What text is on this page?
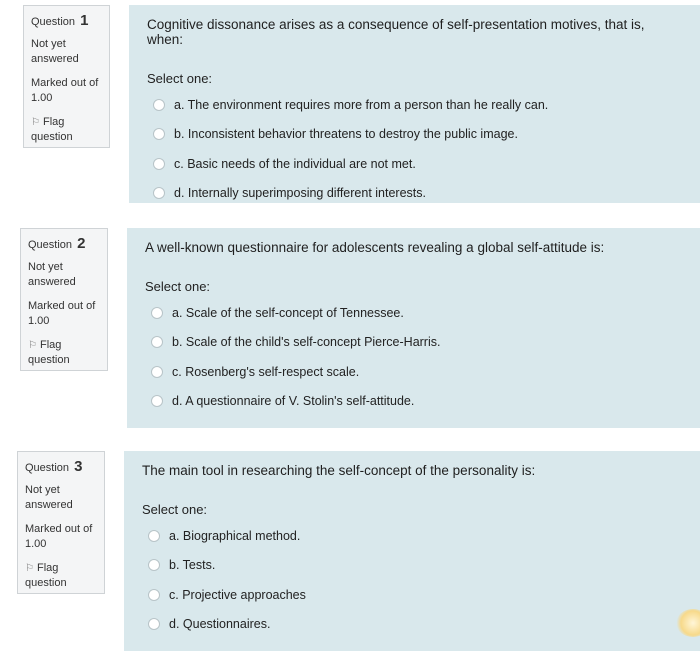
Question 1
Not yet answered
Marked out of 1.00
⚐ Flag question
Cognitive dissonance arises as a consequence of self-presentation motives, that is, when:
Select one:
a. The environment requires more from a person than he really can.
b. Inconsistent behavior threatens to destroy the public image.
c. Basic needs of the individual are not met.
d. Internally superimposing different interests.
Question 2
Not yet answered
Marked out of 1.00
⚐ Flag question
A well-known questionnaire for adolescents revealing a global self-attitude is:
Select one:
a. Scale of the self-concept of Tennessee.
b. Scale of the child's self-concept Pierce-Harris.
c. Rosenberg's self-respect scale.
d. A questionnaire of V. Stolin's self-attitude.
Question 3
Not yet answered
Marked out of 1.00
⚐ Flag question
The main tool in researching the self-concept of the personality is:
Select one:
a. Biographical method.
b. Tests.
c. Projective approaches
d. Questionnaires.
